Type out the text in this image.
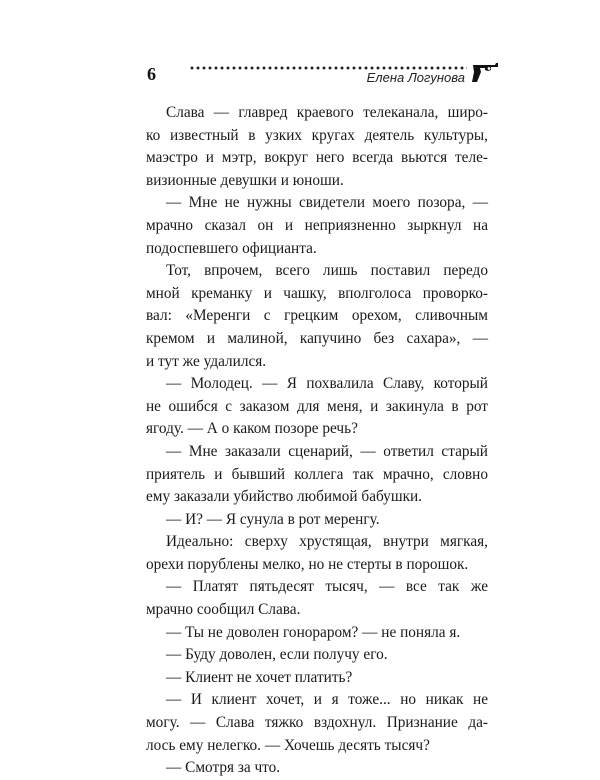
6	Елена Логунова
Слава — главред краевого телеканала, широ-
ко известный в узких кругах деятель культуры,
маэстро и мэтр, вокруг него всегда вьются теле-
визионные девушки и юноши.
— Мне не нужны свидетели моего позора, —
мрачно сказал он и неприязненно зыркнул на
подоспевшего официанта.
Тот, впрочем, всего лишь поставил передо
мной креманку и чашку, вполголоса проворко-
вал: «Меренги с грецким орехом, сливочным
кремом и малиной, капучино без сахара», —
и тут же удалился.
— Молодец. — Я похвалила Славу, который
не ошибся с заказом для меня, и закинула в рот
ягоду. — А о каком позоре речь?
— Мне заказали сценарий, — ответил старый
приятель и бывший коллега так мрачно, словно
ему заказали убийство любимой бабушки.
— И? — Я сунула в рот меренгу.
Идеально: сверху хрустящая, внутри мягкая,
орехи порублены мелко, но не стерты в порошок.
— Платят пятьдесят тысяч, — все так же
мрачно сообщил Слава.
— Ты не доволен гонораром? — не поняла я.
— Буду доволен, если получу его.
— Клиент не хочет платить?
— И клиент хочет, и я тоже... но никак не
могу. — Слава тяжко вздохнул. Признание да-
лось ему нелегко. — Хочешь десять тысяч?
— Смотря за что.
